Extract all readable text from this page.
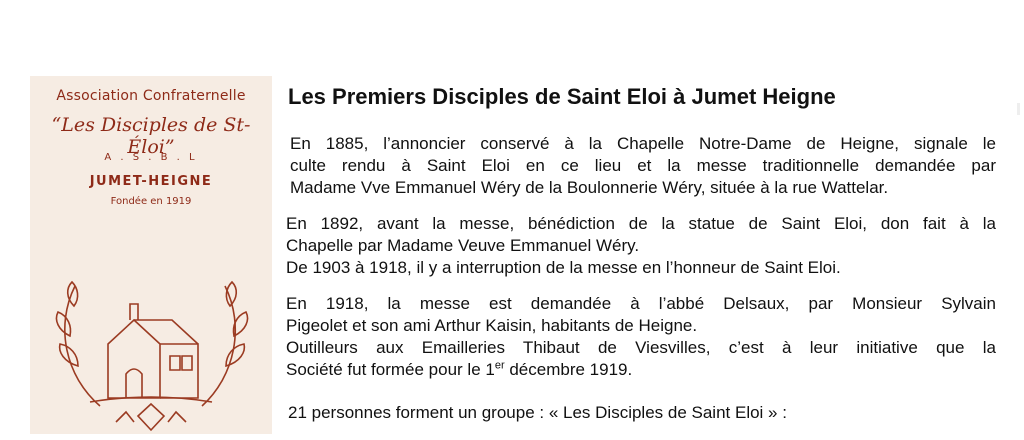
Association Confraternelle
“Les Disciples de St-Éloi”
A . S . B . L
JUMET-HEIGNE
Fondée en 1919
Les Premiers Disciples de Saint Eloi à Jumet Heigne

En 1885, l’annoncier conservé à la Chapelle Notre-Dame de Heigne, signale le
culte rendu à Saint Eloi en ce lieu et la messe traditionnelle demandée par
Madame Vve Emmanuel Wéry de la Boulonnerie Wéry, située à la rue Wattelar.

En 1892, avant la messe, bénédiction de la statue de Saint Eloi, don fait à la
Chapelle par Madame Veuve Emmanuel Wéry.
De 1903 à 1918, il y a interruption de la messe en l’honneur de Saint Eloi.

En 1918, la messe est demandée à l’abbé Delsaux, par Monsieur Sylvain
Pigeolet et son ami Arthur Kaisin, habitants de Heigne.
Outilleurs aux Emailleries Thibaut de Viesvilles, c’est à leur initiative que la
Société fut formée pour le 1er décembre 1919.

21 personnes forment un groupe : « Les Disciples de Saint Eloi » :
